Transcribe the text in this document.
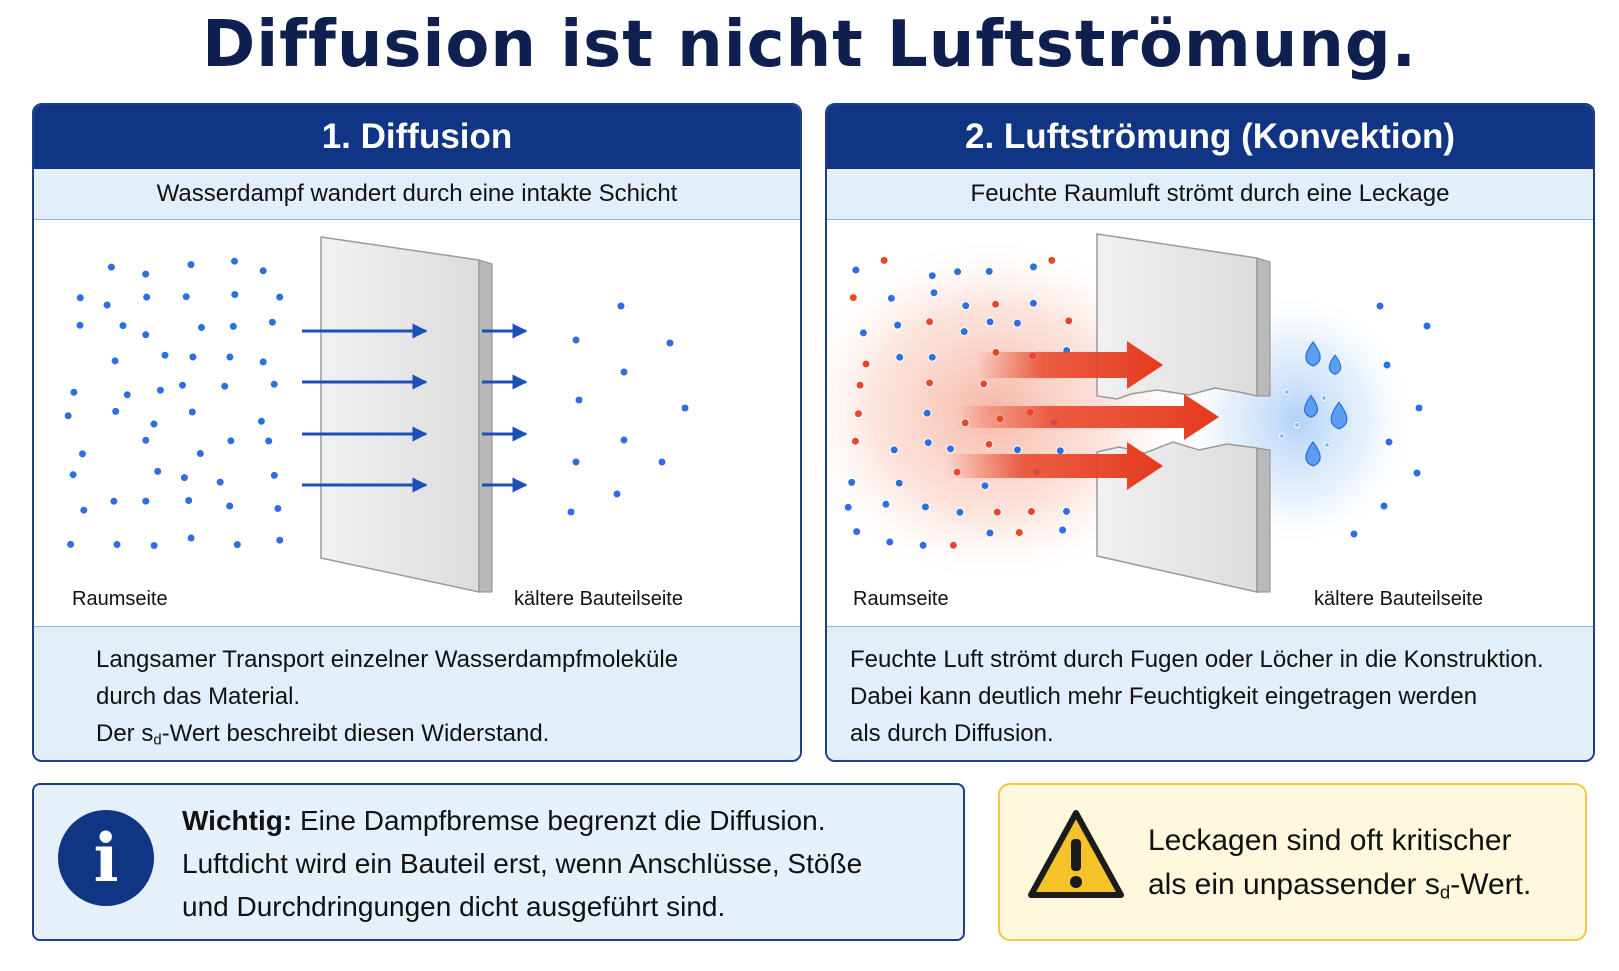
Diffusion ist nicht Luftströmung.
1. Diffusion
Wasserdampf wandert durch eine intakte Schicht
Raumseite	kältere Bauteilseite
Langsamer Transport einzelner Wasserdampfmoleküle
durch das Material.
Der $s_d$-Wert beschreibt diesen Widerstand.
2. Luftströmung (Konvektion)
Feuchte Raumluft strömt durch eine Leckage
Raumseite	kältere Bauteilseite
Feuchte Luft strömt durch Fugen oder Löcher in die Konstruktion.
Dabei kann deutlich mehr Feuchtigkeit eingetragen werden
als durch Diffusion.
i	Wichtig: Eine Dampfbremse begrenzt die Diffusion.
Luftdicht wird ein Bauteil erst, wenn Anschlüsse, Stöße
und Durchdringungen dicht ausgeführt sind.
Leckagen sind oft kritischer
als ein unpassender $s_d$-Wert.
